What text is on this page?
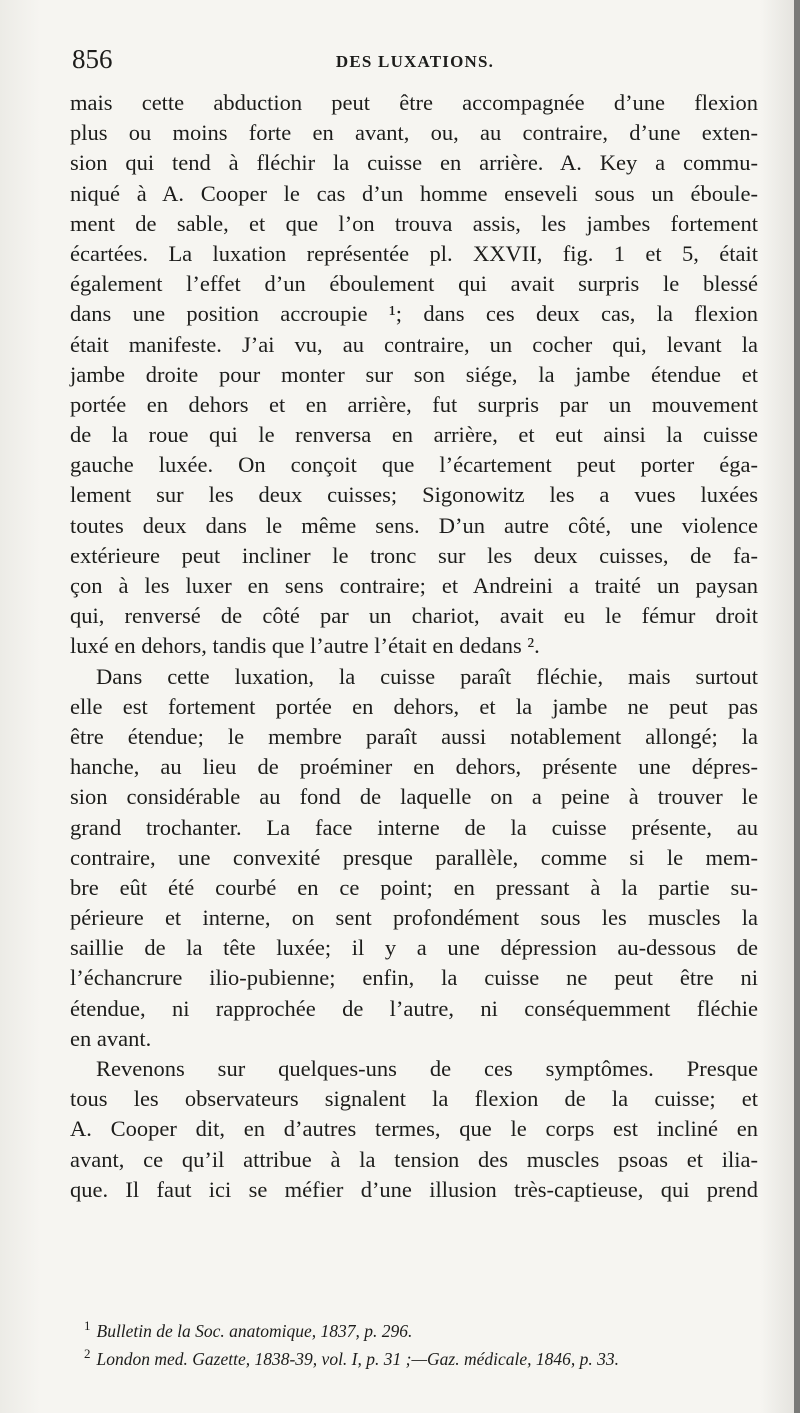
856	DES LUXATIONS.
mais cette abduction peut être accompagnée d’une flexion
plus ou moins forte en avant, ou, au contraire, d’une exten-
sion qui tend à fléchir la cuisse en arrière. A. Key a commu-
niqué à A. Cooper le cas d’un homme enseveli sous un éboule-
ment de sable, et que l’on trouva assis, les jambes fortement
écartées. La luxation représentée pl. XXVII, fig. 1 et 5, était
également l’effet d’un éboulement qui avait surpris le blessé
dans une position accroupie ¹; dans ces deux cas, la flexion
était manifeste. J’ai vu, au contraire, un cocher qui, levant la
jambe droite pour monter sur son siége, la jambe étendue et
portée en dehors et en arrière, fut surpris par un mouvement
de la roue qui le renversa en arrière, et eut ainsi la cuisse
gauche luxée. On conçoit que l’écartement peut porter éga-
lement sur les deux cuisses; Sigonowitz les a vues luxées
toutes deux dans le même sens. D’un autre côté, une violence
extérieure peut incliner le tronc sur les deux cuisses, de fa-
çon à les luxer en sens contraire; et Andreini a traité un paysan
qui, renversé de côté par un chariot, avait eu le fémur droit
luxé en dehors, tandis que l’autre l’était en dedans ².
Dans cette luxation, la cuisse paraît fléchie, mais surtout
elle est fortement portée en dehors, et la jambe ne peut pas
être étendue; le membre paraît aussi notablement allongé; la
hanche, au lieu de proéminer en dehors, présente une dépres-
sion considérable au fond de laquelle on a peine à trouver le
grand trochanter. La face interne de la cuisse présente, au
contraire, une convexité presque parallèle, comme si le mem-
bre eût été courbé en ce point; en pressant à la partie su-
périeure et interne, on sent profondément sous les muscles la
saillie de la tête luxée; il y a une dépression au-dessous de
l’échancrure ilio-pubienne; enfin, la cuisse ne peut être ni
étendue, ni rapprochée de l’autre, ni conséquemment fléchie
en avant.
Revenons sur quelques-uns de ces symptômes. Presque
tous les observateurs signalent la flexion de la cuisse; et
A. Cooper dit, en d’autres termes, que le corps est incliné en
avant, ce qu’il attribue à la tension des muscles psoas et ilia-
que. Il faut ici se méfier d’une illusion très-captieuse, qui prend
$^1$ Bulletin de la Soc. anatomique, 1837, p. 296.
$^2$ London med. Gazette, 1838-39, vol. I, p. 31 ;—Gaz. médicale, 1846, p. 33.
